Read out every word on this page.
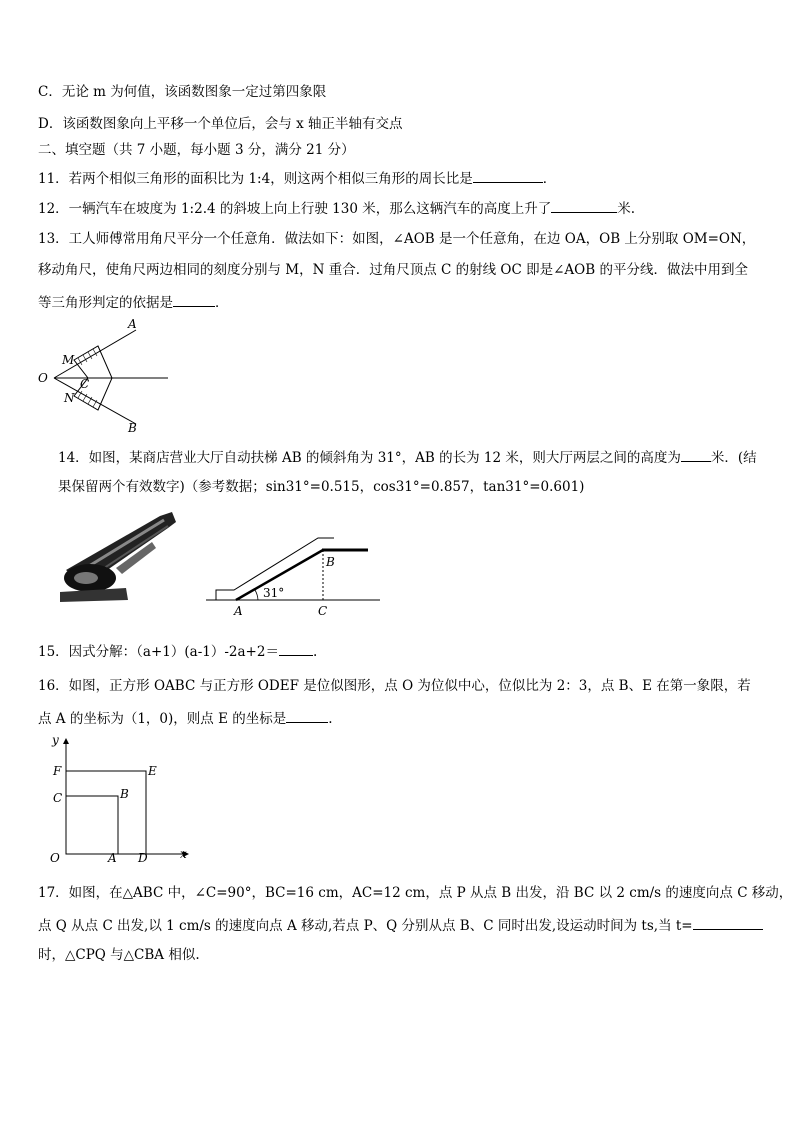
C．无论 m 为何值，该函数图象一定过第四象限
D．该函数图象向上平移一个单位后，会与 x 轴正半轴有交点
二、填空题（共 7 小题，每小题 3 分，满分 21 分）
11．若两个相似三角形的面积比为 1:4，则这两个相似三角形的周长比是	．
12．一辆汽车在坡度为 1:2.4 的斜坡上向上行驶 130 米，那么这辆汽车的高度上升了	米.
13．工人师傅常用角尺平分一个任意角．做法如下：如图，∠AOB 是一个任意角，在边 OA，OB 上分别取 OM=ON，
移动角尺，使角尺两边相同的刻度分别与 M，N 重合．过角尺顶点 C 的射线 OC 即是∠AOB 的平分线．做法中用到全
等三角形判定的依据是	．
A
M
O	C
N
B
14．如图，某商店营业大厅自动扶梯 AB 的倾斜角为 31°，AB 的长为 12 米，则大厅两层之间的高度为 米．(结
果保留两个有效数字)（参考数据；sin31°=0.515，cos31°=0.857，tan31°=0.601)
31°
B
A	C
15．因式分解：（a+1）(a-1）-2a+2＝	.
16．如图，正方形 OABC 与正方形 ODEF 是位似图形，点 O 为位似中心，位似比为 2：3，点 B、E 在第一象限，若
点 A 的坐标为（1，0)，则点 E 的坐标是	.
y
F	E
C	B
O	A D	x
17．如图，在△ABC 中，∠C=90°，BC=16 cm，AC=12 cm，点 P 从点 B 出发，沿 BC 以 2 cm/s 的速度向点 C 移动，
点 Q 从点 C 出发,以 1 cm/s 的速度向点 A 移动,若点 P、Q 分别从点 B、C 同时出发,设运动时间为 ts,当 t=
时，△CPQ 与△CBA 相似.
